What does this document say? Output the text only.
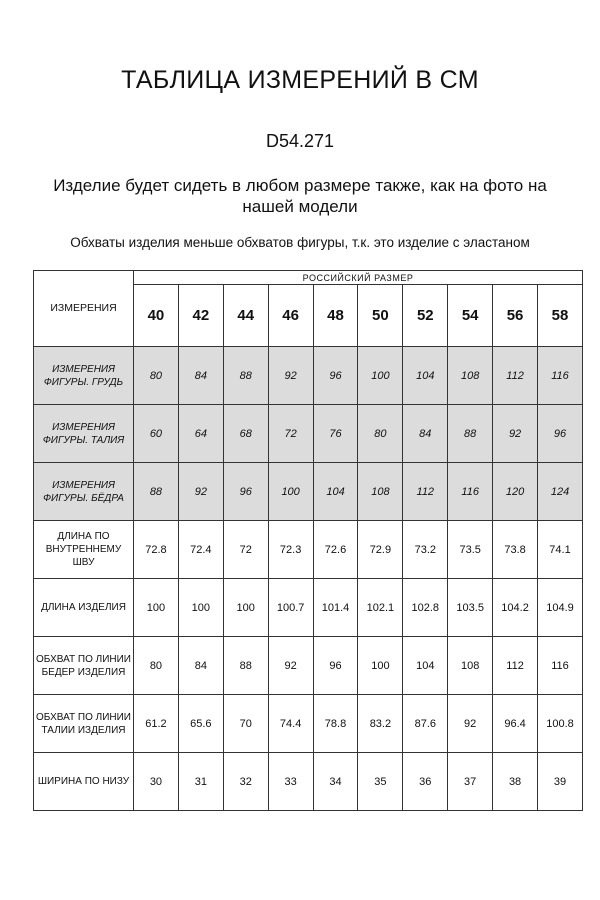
ТАБЛИЦА ИЗМЕРЕНИЙ В СМ
D54.271
Изделие будет сидеть в любом размере также, как на фото на нашей модели
Обхваты изделия меньше обхватов фигуры, т.к. это изделие с эластаном
ИЗМЕРЕНИЯ	РОССИЙСКИЙ РАЗМЕР									
	40	42	44	46	48	50	52	54	56	58
ИЗМЕРЕНИЯ ФИГУРЫ. ГРУДЬ	80	84	88	92	96	100	104	108	112	116
ИЗМЕРЕНИЯ ФИГУРЫ. ТАЛИЯ	60	64	68	72	76	80	84	88	92	96
ИЗМЕРЕНИЯ ФИГУРЫ. БЁДРА	88	92	96	100	104	108	112	116	120	124
ДЛИНА ПО ВНУТРЕННЕМУ ШВУ	72.8	72.4	72	72.3	72.6	72.9	73.2	73.5	73.8	74.1
ДЛИНА ИЗДЕЛИЯ	100	100	100	100.7	101.4	102.1	102.8	103.5	104.2	104.9
ОБХВАТ ПО ЛИНИИ БЕДЕР ИЗДЕЛИЯ	80	84	88	92	96	100	104	108	112	116
ОБХВАТ ПО ЛИНИИ ТАЛИИ ИЗДЕЛИЯ	61.2	65.6	70	74.4	78.8	83.2	87.6	92	96.4	100.8
ШИРИНА ПО НИЗУ	30	31	32	33	34	35	36	37	38	39
